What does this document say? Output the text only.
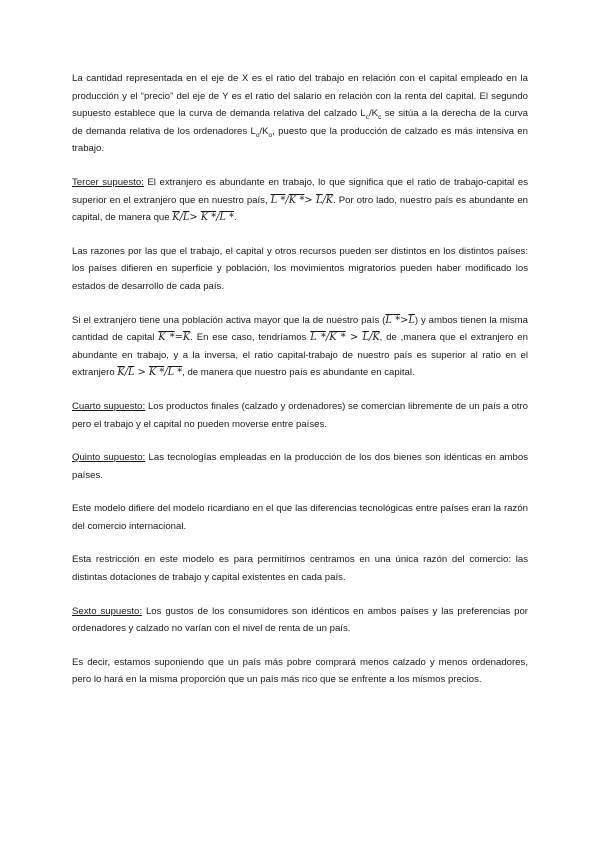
La cantidad representada en el eje de X es el ratio del trabajo en relación con el capital empleado en la producción y el “precio” del eje de Y es el ratio del salario en relación con la renta del capital. El segundo supuesto establece que la curva de demanda relativa del calzado $L_c/K_c$ se sitúa a la derecha de la curva de demanda relativa de los ordenadores $L_o/K_o$, puesto que la producción de calzado es más intensiva en trabajo.

Tercer supuesto: El extranjero es abundante en trabajo, lo que significa que el ratio de trabajo-capital es superior en el extranjero que en nuestro país, L $*/K *> \overline{L}/\overline{K}$. Por otro lado, nuestro país es abundante en capital, de manera que $\overline{K}/\overline{L}> K$ */L *.

Las razones por las que el trabajo, el capital y otros recursos pueden ser distintos en los distintos países: los países difieren en superficie y población, los movimientos migratorios pueden haber modificado los estados de desarrollo de cada país.

Si el extranjero tiene una población activa mayor que la de nuestro país (L $*>\overline{L}$) y ambos tienen la misma cantidad de capital K $*=\overline{K}$. En ese caso, tendríamos L */K * > $\overline{L}/\overline{K}$, de ,manera que el extranjero en abundante en trabajo, y a la inversa, el ratio capital-trabajo de nuestro país es superior al ratio en el extranjero $\overline{K}/\overline{L} > K$ */L *, de manera que nuestro país es abundante en capital.

Cuarto supuesto: Los productos finales (calzado y ordenadores) se comercian libremente de un país a otro pero el trabajo y el capital no pueden moverse entre países.

Quinto supuesto: Las tecnologías empleadas en la producción de los dos bienes son idénticas en ambos países.

Este modelo difiere del modelo ricardiano en el que las diferencias tecnológicas entre países eran la razón del comercio internacional.

Esta restricción en este modelo es para permitirnos centramos en una única razón del comercio: las distintas dotaciones de trabajo y capital existentes en cada país.

Sexto supuesto: Los gustos de los consumidores son idénticos en ambos países y las preferencias por ordenadores y calzado no varían con el nivel de renta de un país.

Es decir, estamos suponiendo que un país más pobre comprará menos calzado y menos ordenadores, pero lo hará en la misma proporción que un país más rico que se enfrente a los mismos precios.
